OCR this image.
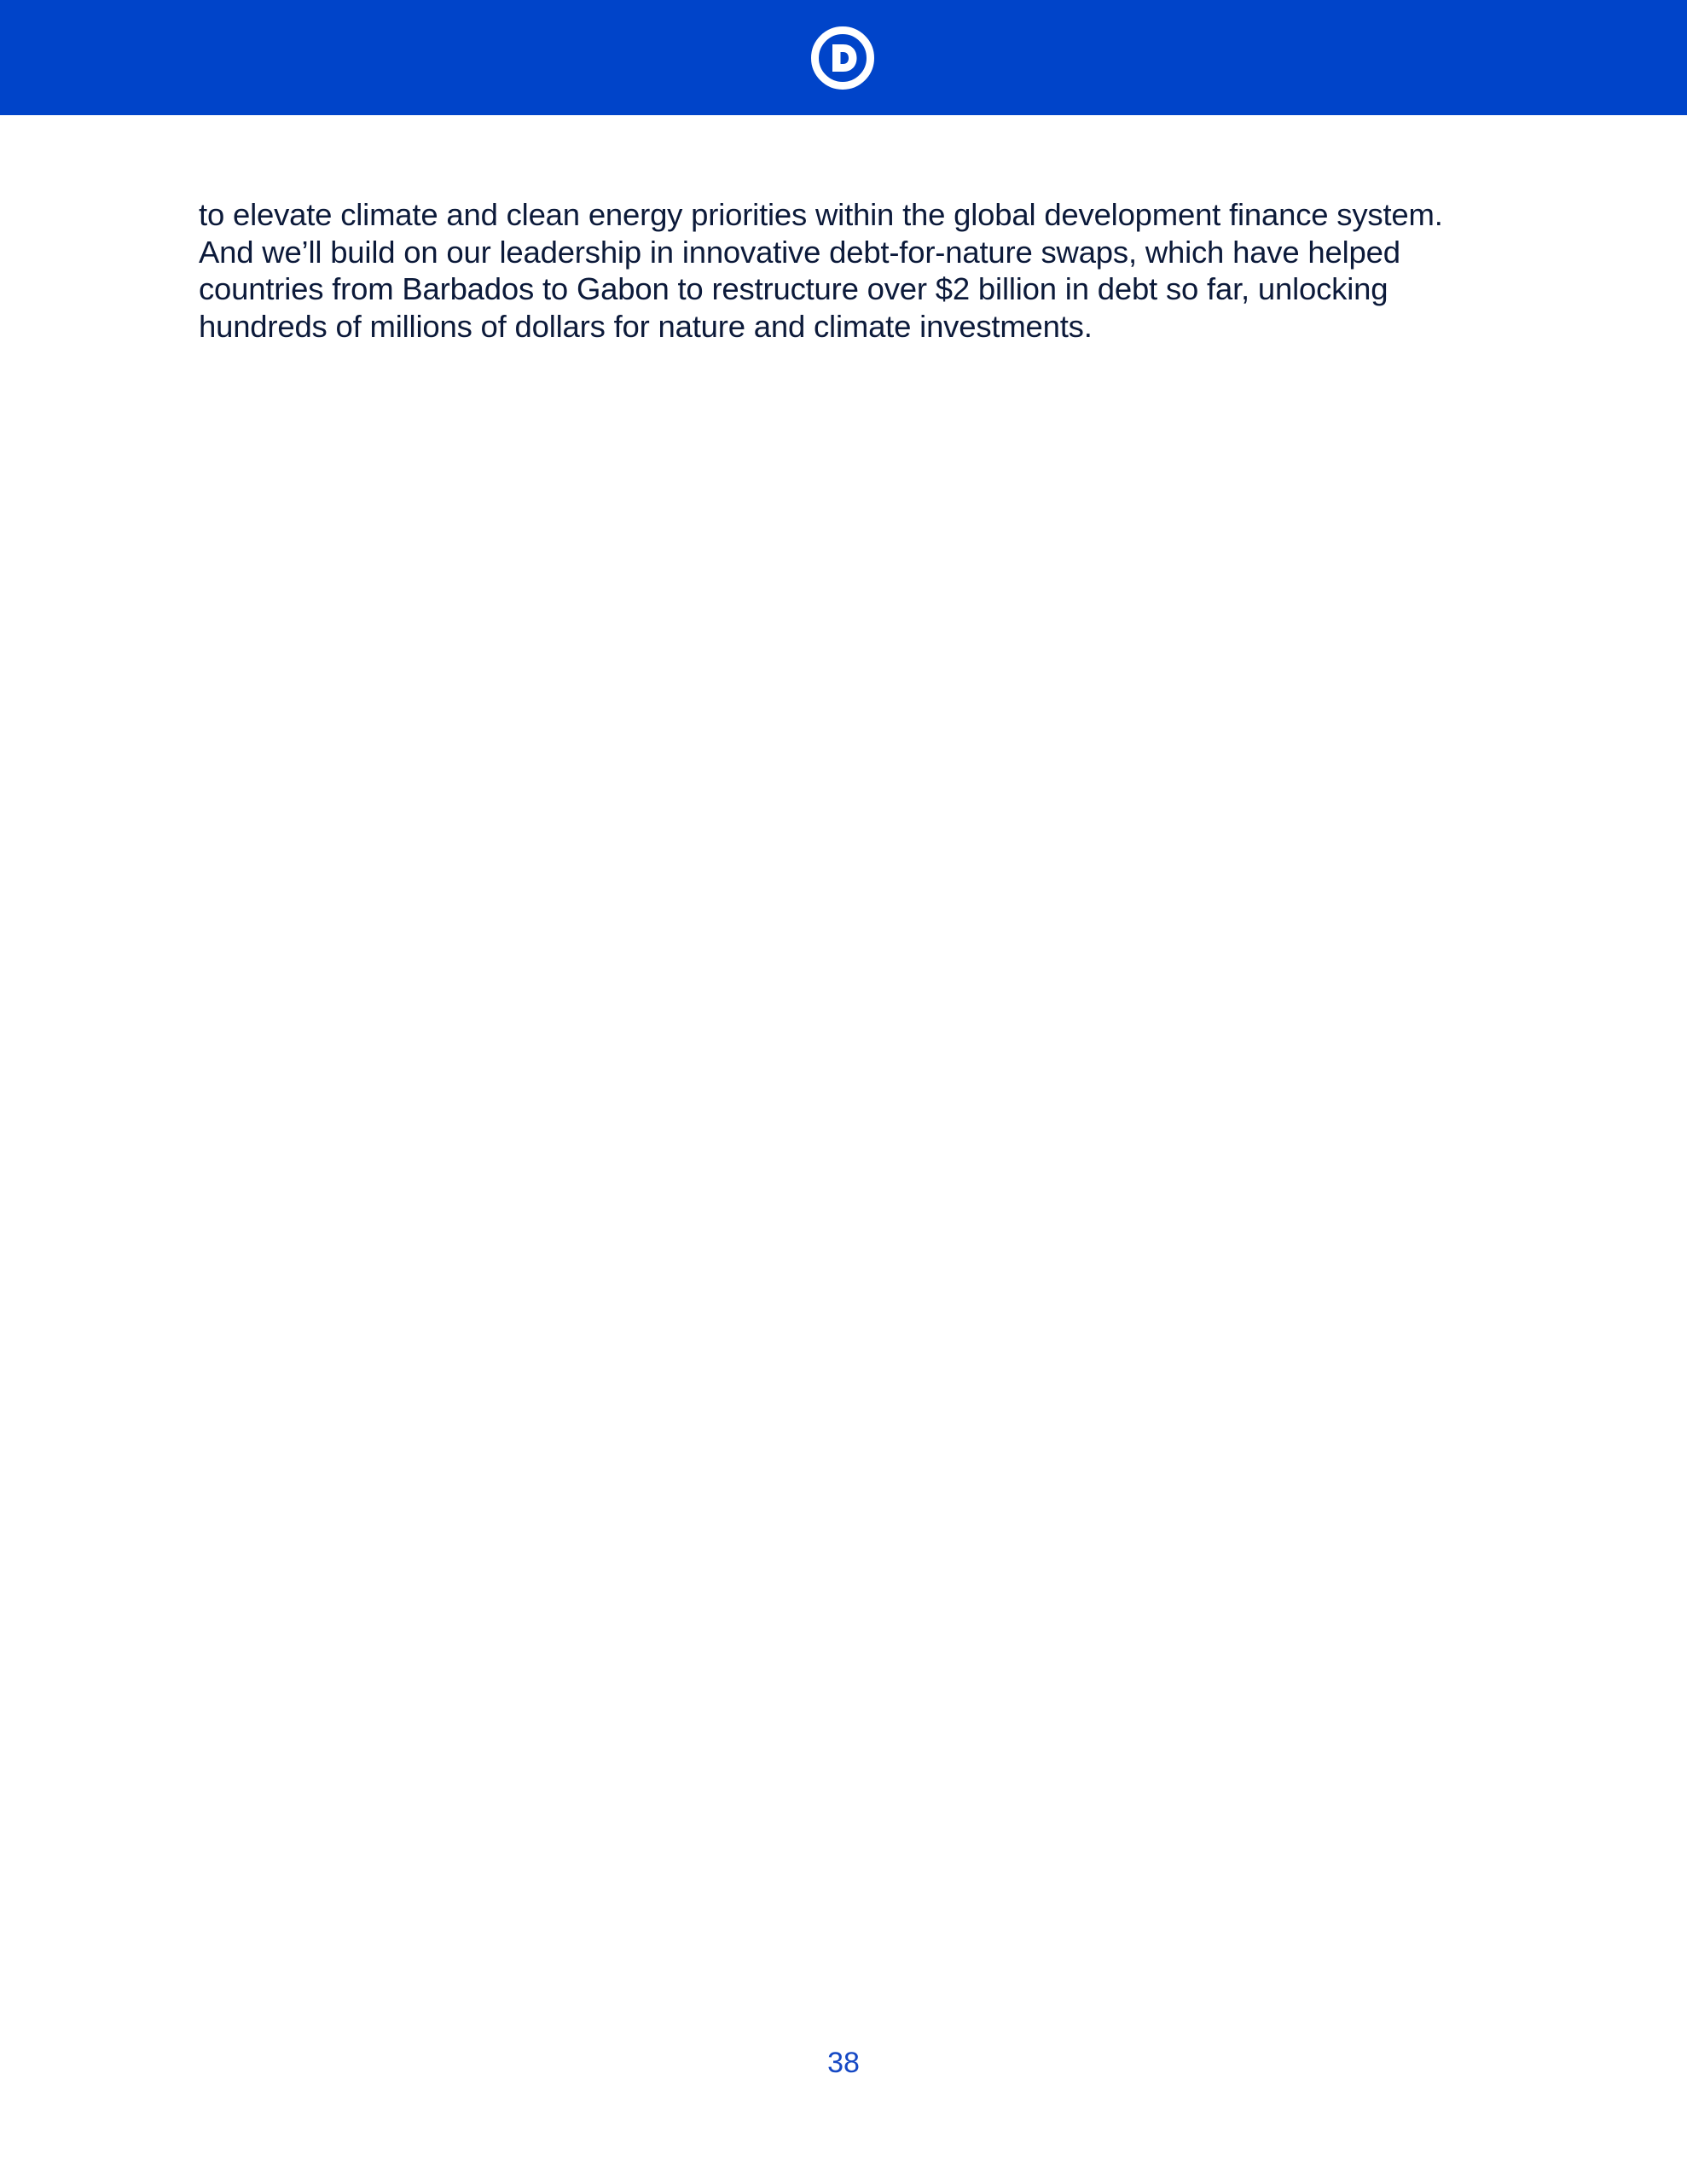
to elevate climate and clean energy priorities within the global development finance system.
And we’ll build on our leadership in innovative debt-for-nature swaps, which have helped
countries from Barbados to Gabon to restructure over $2 billion in debt so far, unlocking
hundreds of millions of dollars for nature and climate investments.

38
